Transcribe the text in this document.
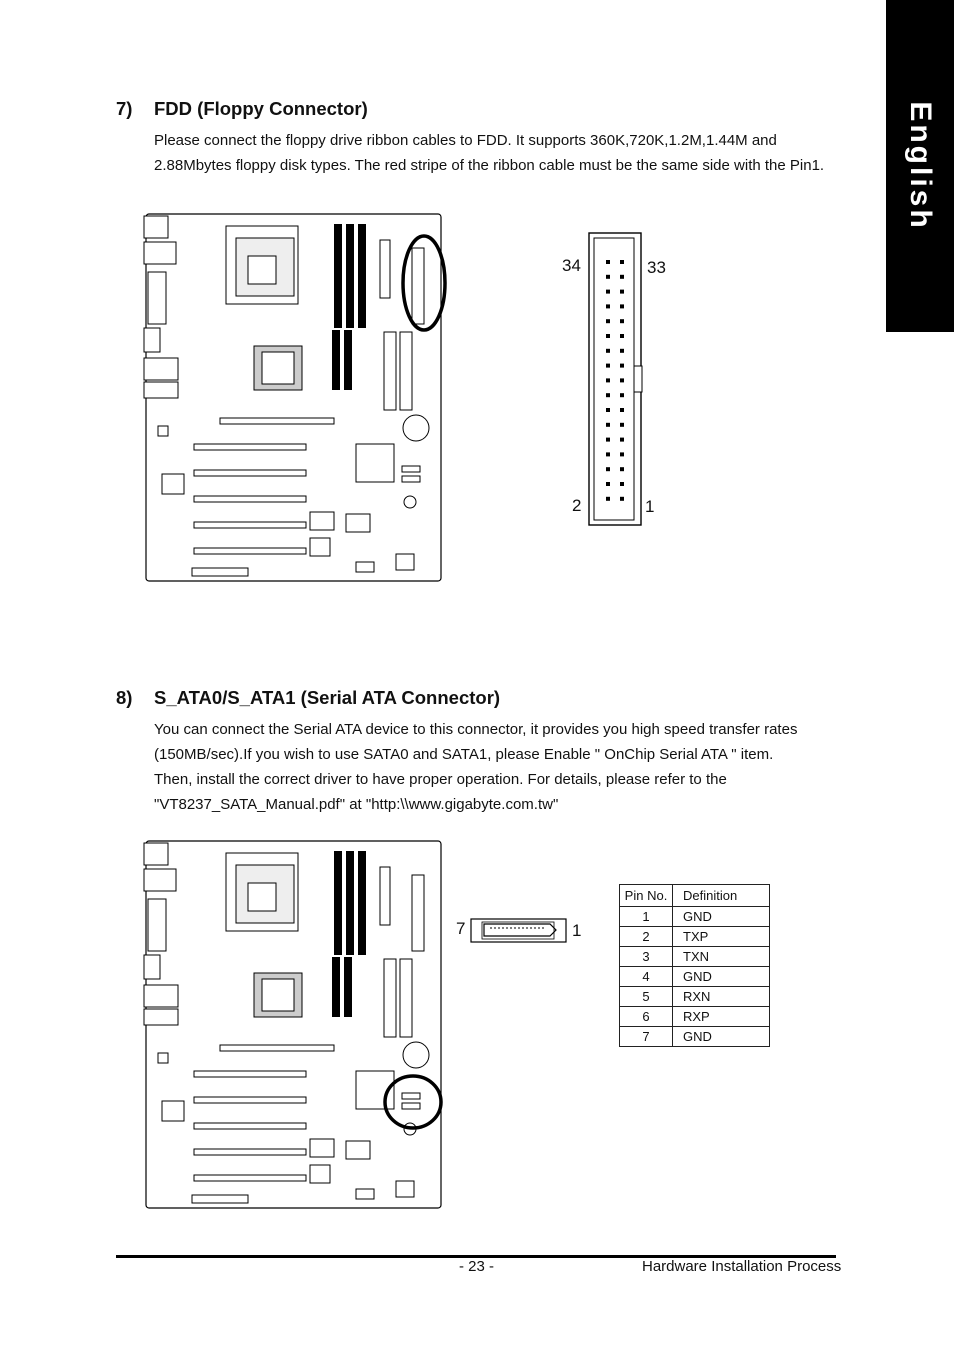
English
7) FDD (Floppy Connector)
Please connect the floppy drive ribbon cables to FDD. It supports 360K,720K,1.2M,1.44M and
2.88Mbytes floppy disk types. The red stripe of the ribbon cable must be the same side with the Pin1.
34	33
2	1
8) S_ATA0/S_ATA1 (Serial ATA Connector)
You can connect the Serial ATA device to this connector, it provides you high speed transfer rates
(150MB/sec).If you wish to use SATA0 and SATA1, please Enable " OnChip Serial ATA " item.
Then, install the correct driver to have proper operation. For details, please refer to the
"VT8237_SATA_Manual.pdf" at "http:\\www.gigabyte.com.tw"
7	1
Pin No.	Definition
1	GND
2	TXP
3	TXN
4	GND
5	RXN
6	RXP
7	GND
- 23 -	Hardware Installation Process
